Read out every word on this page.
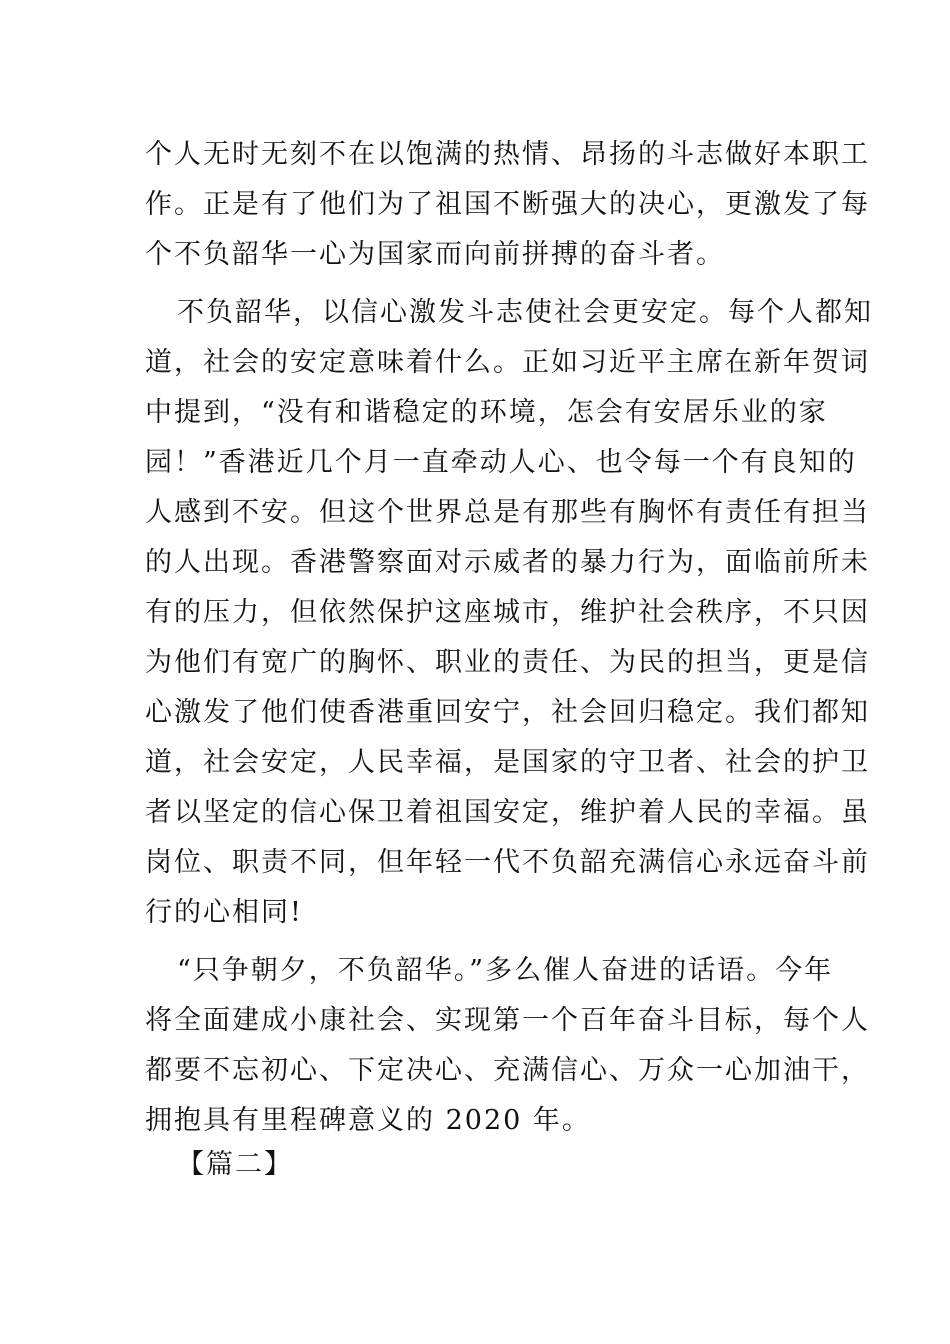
个人无时无刻不在以饱满的热情、昂扬的斗志做好本职工
作。正是有了他们为了祖国不断强大的决心，更激发了每
个不负韶华一心为国家而向前拼搏的奋斗者。
不负韶华，以信心激发斗志使社会更安定。每个人都知
道，社会的安定意味着什么。正如习近平主席在新年贺词
中提到，“没有和谐稳定的环境，怎会有安居乐业的家
园！”香港近几个月一直牵动人心、也令每一个有良知的
人感到不安。但这个世界总是有那些有胸怀有责任有担当
的人出现。香港警察面对示威者的暴力行为，面临前所未
有的压力，但依然保护这座城市，维护社会秩序，不只因
为他们有宽广的胸怀、职业的责任、为民的担当，更是信
心激发了他们使香港重回安宁，社会回归稳定。我们都知
道，社会安定，人民幸福，是国家的守卫者、社会的护卫
者以坚定的信心保卫着祖国安定，维护着人民的幸福。虽
岗位、职责不同，但年轻一代不负韶充满信心永远奋斗前
行的心相同!
“只争朝夕，不负韶华。”多么催人奋进的话语。今年
将全面建成小康社会、实现第一个百年奋斗目标，每个人
都要不忘初心、下定决心、充满信心、万众一心加油干，
拥抱具有里程碑意义的 2020 年。
【篇二】
